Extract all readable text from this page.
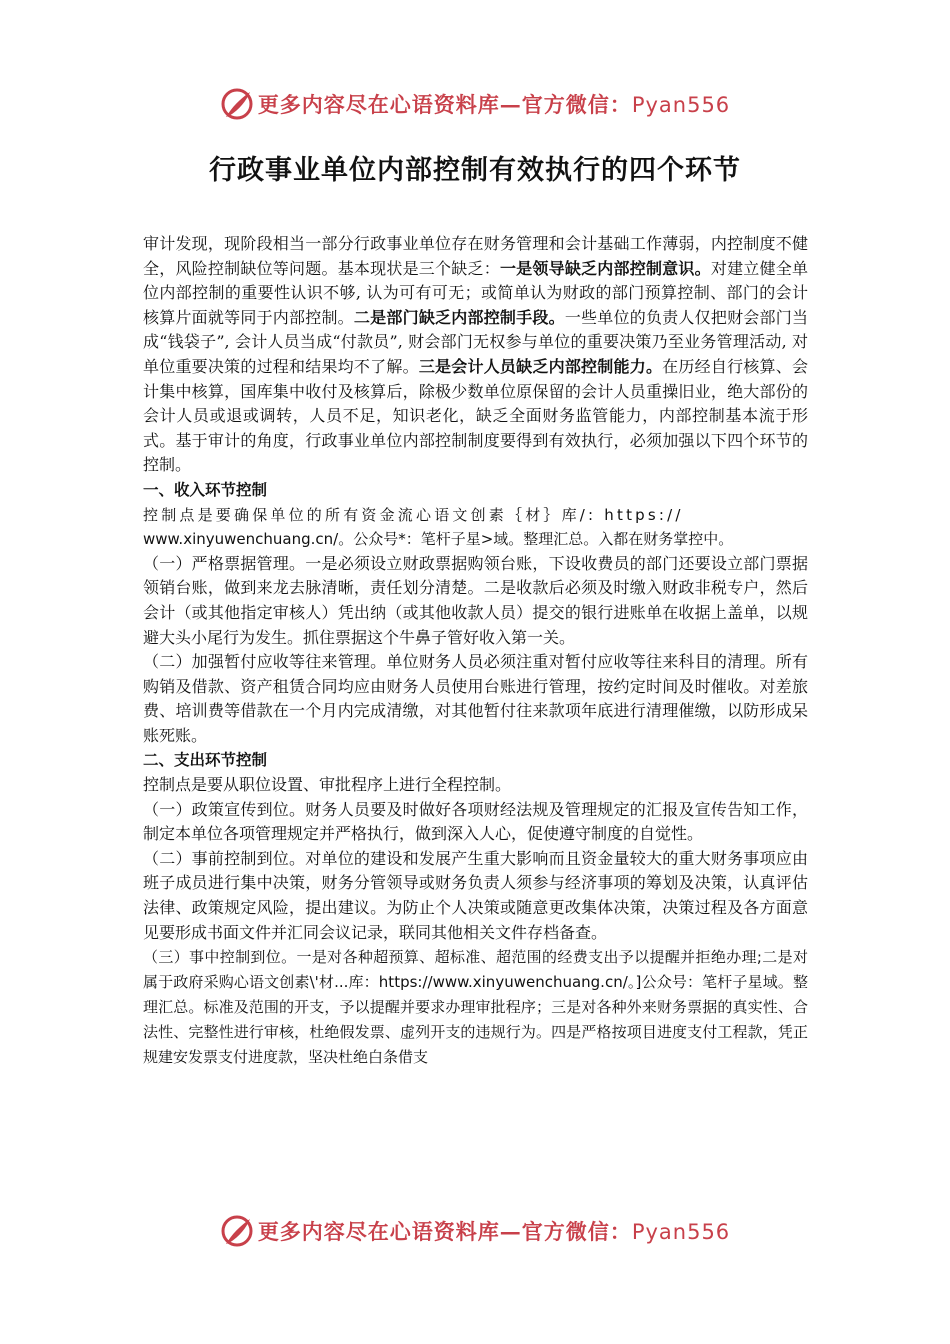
更多内容尽在心语资料库—官方微信：Pyan556
行政事业单位内部控制有效执行的四个环节

审计发现，现阶段相当一部分行政事业单位存在财务管理和会计基础工作薄弱，内控制度不健全，风险控制缺位等问题。基本现状是三个缺乏：一是领导缺乏内部控制意识。对建立健全单位内部控制的重要性认识不够, 认为可有可无；或简单认为财政的部门预算控制、部门的会计核算片面就等同于内部控制。二是部门缺乏内部控制手段。一些单位的负责人仅把财会部门当成“钱袋子”, 会计人员当成“付款员”, 财会部门无权参与单位的重要决策乃至业务管理活动, 对单位重要决策的过程和结果均不了解。三是会计人员缺乏内部控制能力。在历经自行核算、会计集中核算，国库集中收付及核算后，除极少数单位原保留的会计人员重操旧业，绝大部份的会计人员或退或调转，人员不足，知识老化，缺乏全面财务监管能力，内部控制基本流于形式。基于审计的角度，行政事业单位内部控制制度要得到有效执行，必须加强以下四个环节的控制。

一、收入环节控制

控制点是要确保单位的所有资金流心语文创素｛材｝库/: https://

www.xinyuwenchuang.cn/。公众号*：笔杆子星>域。整理汇总。入都在财务掌控中。

（一）严格票据管理。一是必须设立财政票据购领台账，下设收费员的部门还要设立部门票据领销台账，做到来龙去脉清晰，责任划分清楚。二是收款后必须及时缴入财政非税专户，然后会计（或其他指定审核人）凭出纳（或其他收款人员）提交的银行进账单在收据上盖单，以规避大头小尾行为发生。抓住票据这个牛鼻子管好收入第一关。

（二）加强暂付应收等往来管理。单位财务人员必须注重对暂付应收等往来科目的清理。所有购销及借款、资产租赁合同均应由财务人员使用台账进行管理，按约定时间及时催收。对差旅费、培训费等借款在一个月内完成清缴，对其他暂付往来款项年底进行清理催缴，以防形成呆账死账。

二、支出环节控制

控制点是要从职位设置、审批程序上进行全程控制。

（一）政策宣传到位。财务人员要及时做好各项财经法规及管理规定的汇报及宣传告知工作，制定本单位各项管理规定并严格执行，做到深入人心，促使遵守制度的自觉性。

（二）事前控制到位。对单位的建设和发展产生重大影响而且资金量较大的重大财务事项应由班子成员进行集中决策，财务分管领导或财务负责人须参与经济事项的筹划及决策，认真评估法律、政策规定风险，提出建议。为防止个人决策或随意更改集体决策，决策过程及各方面意见要形成书面文件并汇同会议记录，联同其他相关文件存档备查。

（三）事中控制到位。一是对各种超预算、超标准、超范围的经费支出予以提醒并拒绝办理;二是对属于政府采购心语文创素\'材...库：https://www.xinyuwenchuang.cn/。]公众号：笔杆子星域。整理汇总。标准及范围的开支，予以提醒并要求办理审批程序；三是对各种外来财务票据的真实性、合法性、完整性进行审核，杜绝假发票、虚列开支的违规行为。四是严格按项目进度支付工程款，凭正规建安发票支付进度款，坚决杜绝白条借支

更多内容尽在心语资料库—官方微信：Pyan556
